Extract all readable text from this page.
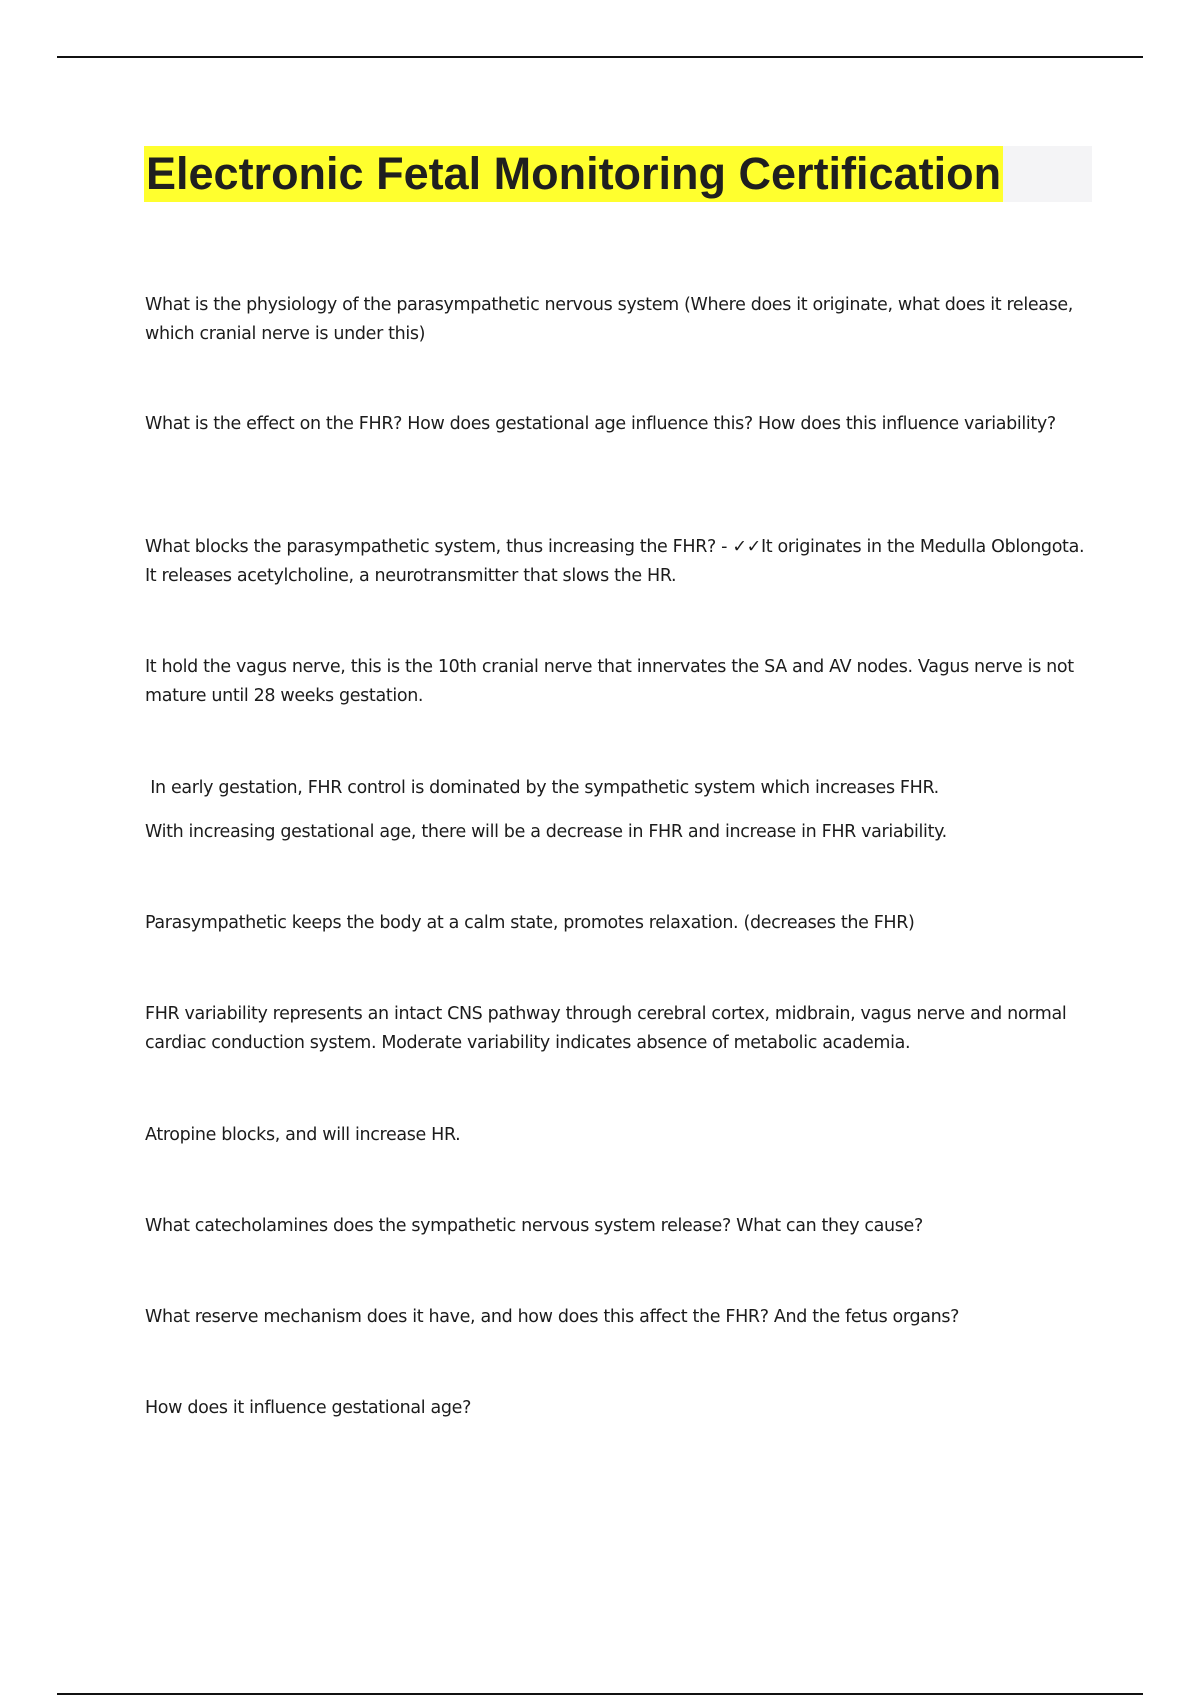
Electronic Fetal Monitoring Certification

What is the physiology of the parasympathetic nervous system (Where does it originate, what does it release, which cranial nerve is under this)

What is the effect on the FHR? How does gestational age influence this? How does this influence variability?

What blocks the parasympathetic system, thus increasing the FHR? - ✓✓It originates in the Medulla Oblongota. It releases acetylcholine, a neurotransmitter that slows the HR.

It hold the vagus nerve, this is the 10th cranial nerve that innervates the SA and AV nodes. Vagus nerve is not mature until 28 weeks gestation.

In early gestation, FHR control is dominated by the sympathetic system which increases FHR.

With increasing gestational age, there will be a decrease in FHR and increase in FHR variability.

Parasympathetic keeps the body at a calm state, promotes relaxation. (decreases the FHR)

FHR variability represents an intact CNS pathway through cerebral cortex, midbrain, vagus nerve and normal cardiac conduction system. Moderate variability indicates absence of metabolic academia.

Atropine blocks, and will increase HR.

What catecholamines does the sympathetic nervous system release? What can they cause?

What reserve mechanism does it have, and how does this affect the FHR? And the fetus organs?

How does it influence gestational age?
